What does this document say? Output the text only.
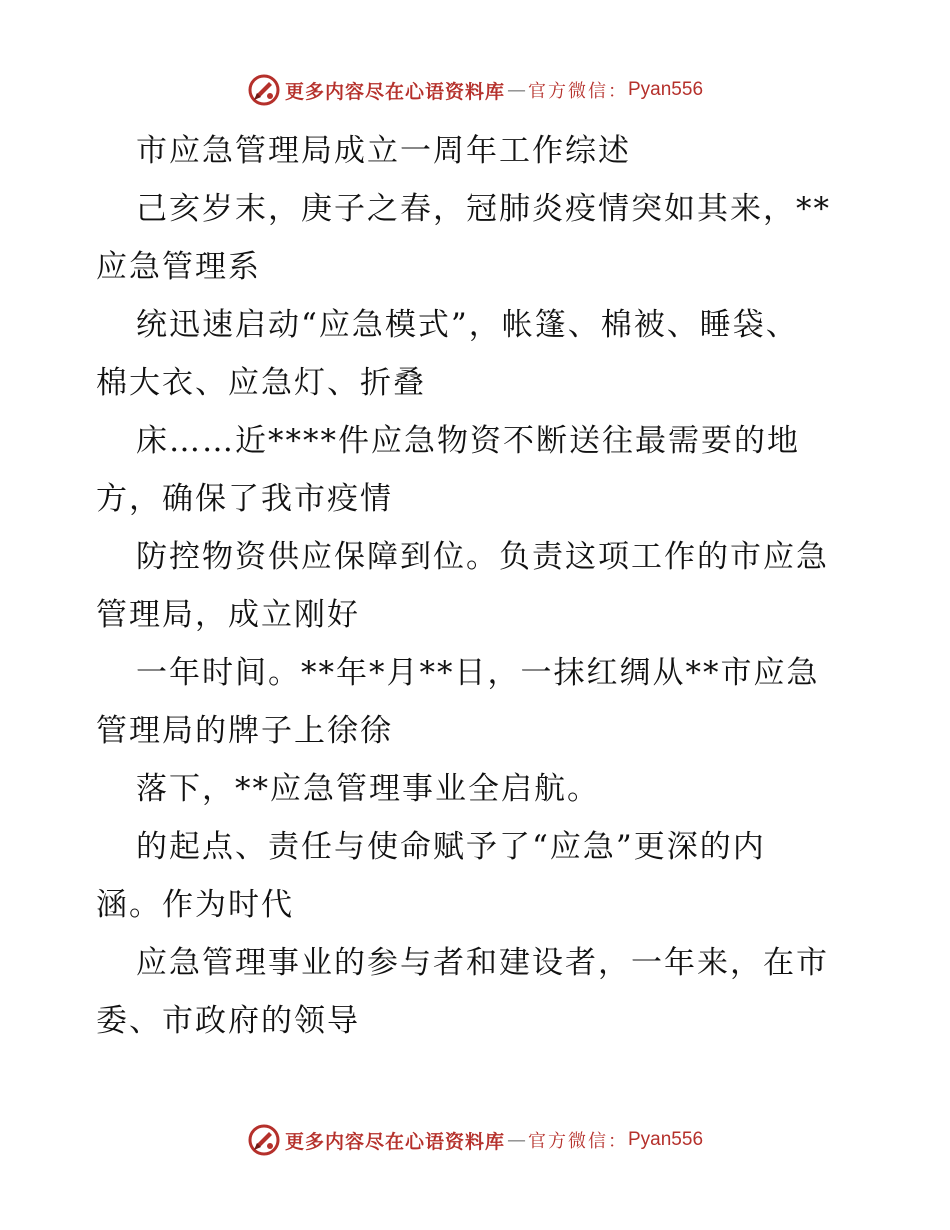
更多内容尽在心语资料库 — 官方微信： Pyan556
市应急管理局成立一周年工作综述
己亥岁末，庚子之春，冠肺炎疫情突如其来，**
应急管理系
统迅速启动“应急模式”，帐篷、棉被、睡袋、
棉大衣、应急灯、折叠
床……近****件应急物资不断送往最需要的地
方，确保了我市疫情
防控物资供应保障到位。负责这项工作的市应急
管理局，成立刚好
一年时间。**年*月**日，一抹红绸从**市应急
管理局的牌子上徐徐
落下，**应急管理事业全启航。
的起点、责任与使命赋予了“应急”更深的内
涵。作为时代
应急管理事业的参与者和建设者，一年来，在市
委、市政府的领导
更多内容尽在心语资料库 — 官方微信： Pyan556
